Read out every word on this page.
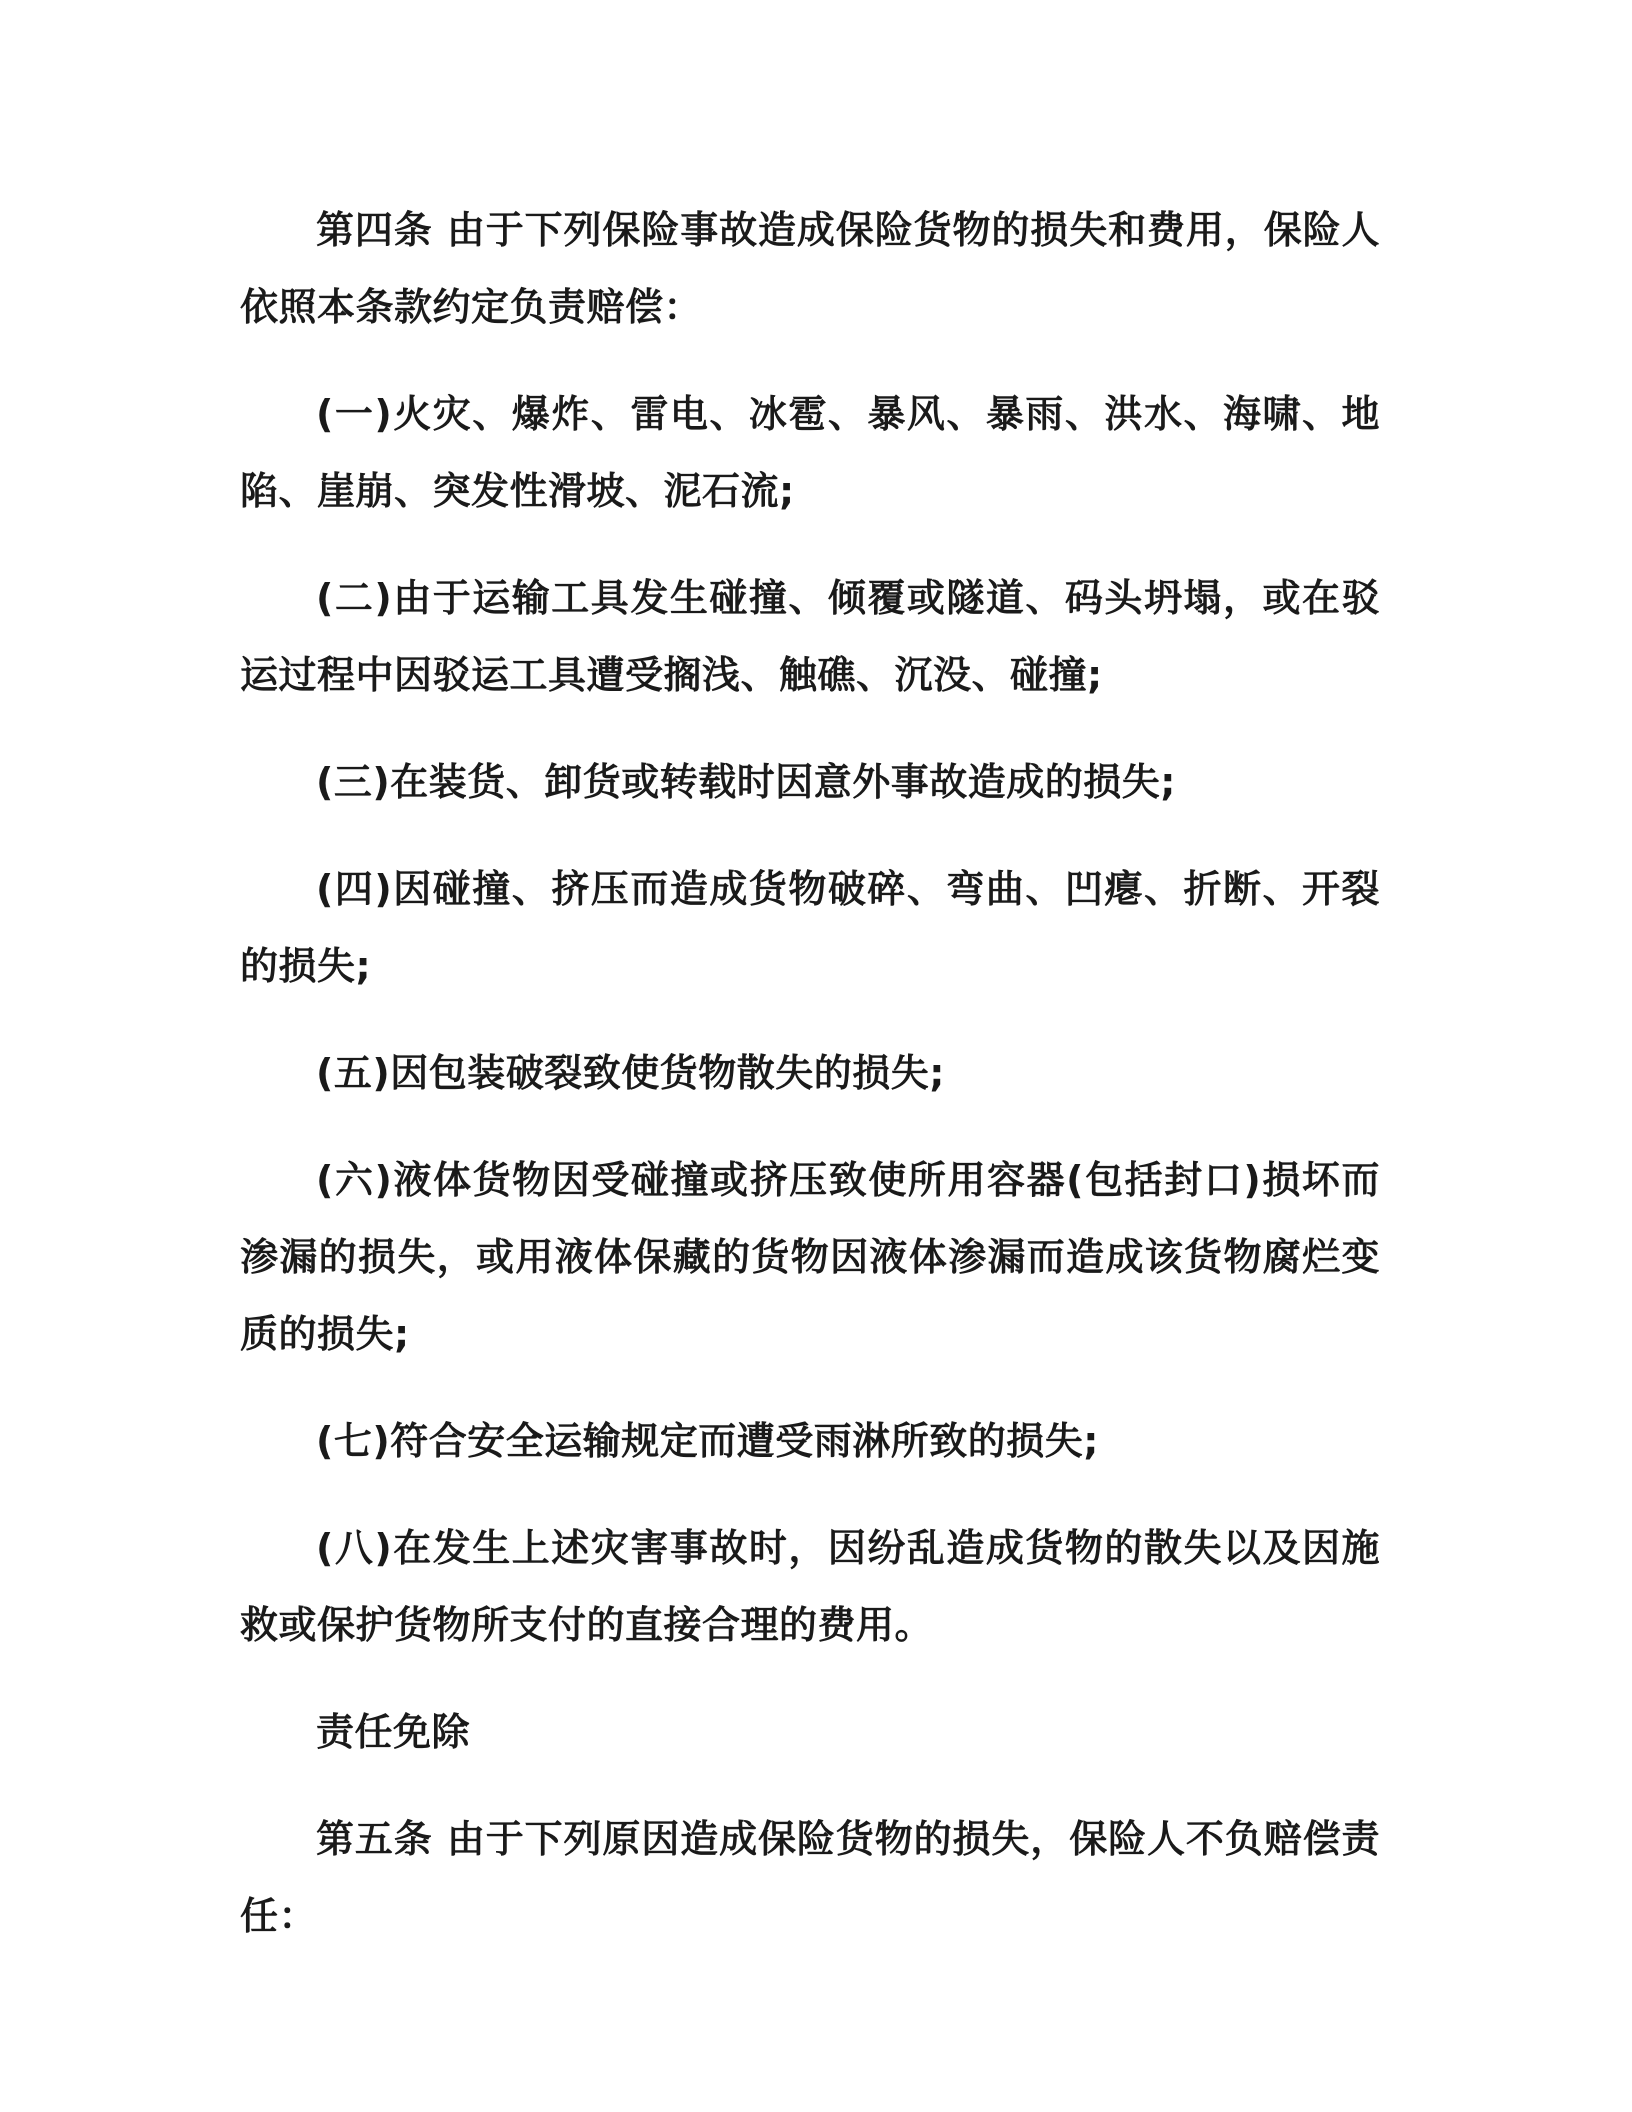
第四条 由于下列保险事故造成保险货物的损失和费用，保险人依照本条款约定负责赔偿：

(一)火灾、爆炸、雷电、冰雹、暴风、暴雨、洪水、海啸、地陷、崖崩、突发性滑坡、泥石流;

(二)由于运输工具发生碰撞、倾覆或隧道、码头坍塌，或在驳运过程中因驳运工具遭受搁浅、触礁、沉没、碰撞;

(三)在装货、卸货或转载时因意外事故造成的损失;

(四)因碰撞、挤压而造成货物破碎、弯曲、凹瘪、折断、开裂的损失;

(五)因包装破裂致使货物散失的损失;

(六)液体货物因受碰撞或挤压致使所用容器(包括封口)损坏而渗漏的损失，或用液体保藏的货物因液体渗漏而造成该货物腐烂变质的损失;

(七)符合安全运输规定而遭受雨淋所致的损失;

(八)在发生上述灾害事故时，因纷乱造成货物的散失以及因施救或保护货物所支付的直接合理的费用。

责任免除

第五条 由于下列原因造成保险货物的损失，保险人不负赔偿责任：
